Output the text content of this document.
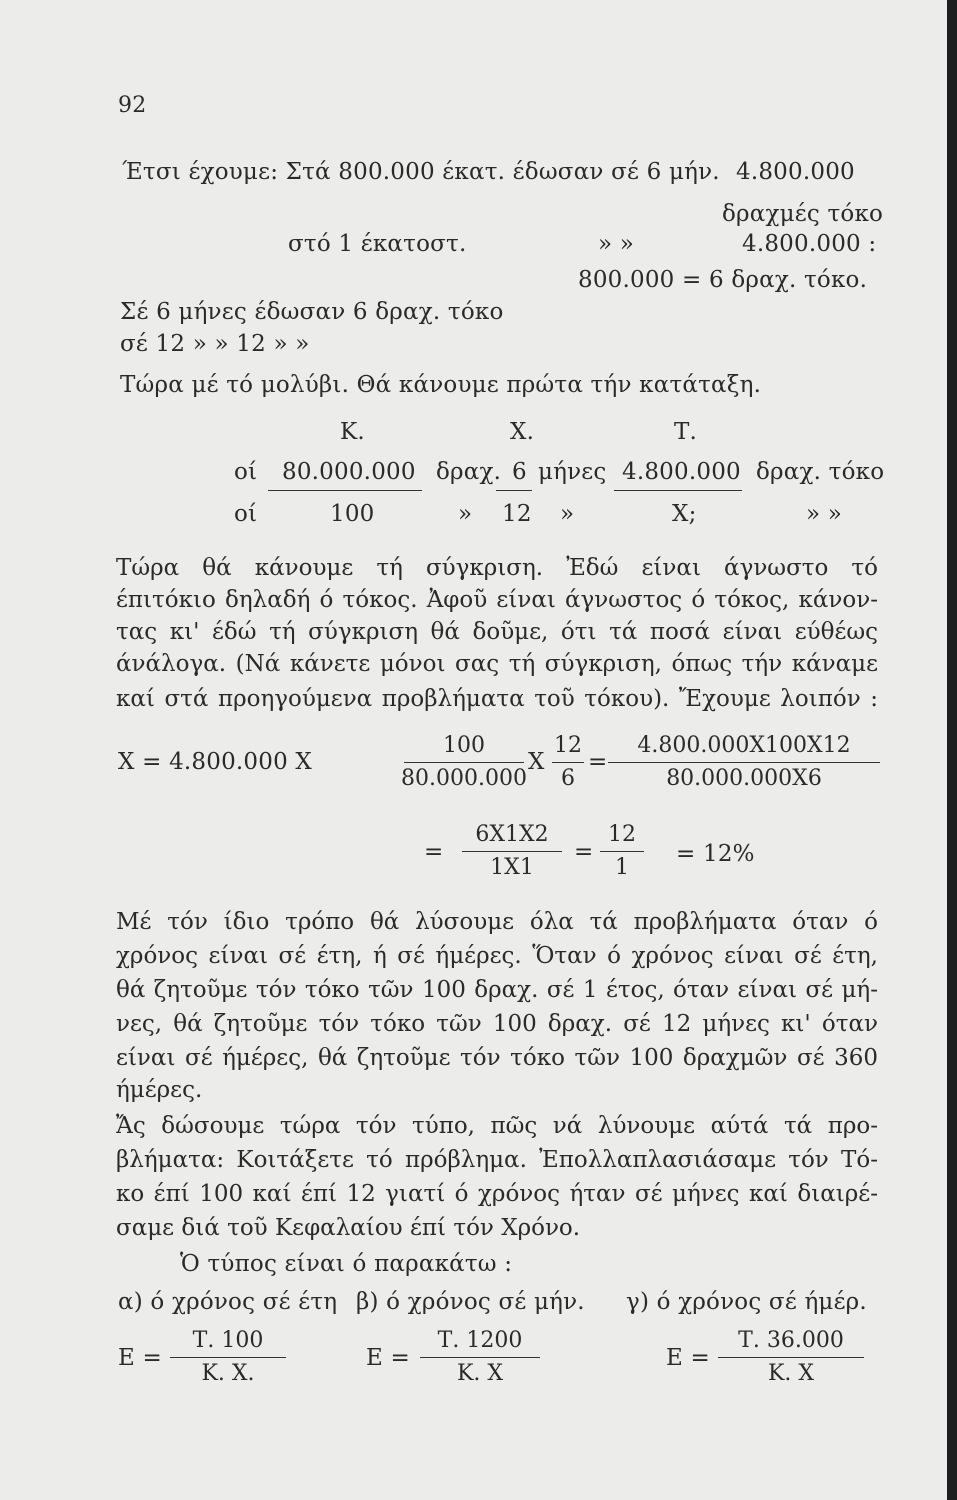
92
Έτσι έχουμε: Στά 800.000 έκατ. έδωσαν σέ 6 μήν. 4.800.000
δραχμές τόκο
στό 1 έκατοστ.	» »	4.800.000 :
800.000 = 6 δραχ. τόκο.
Σέ 6 μήνες έδωσαν 6 δραχ. τόκο
σέ 12 » » 12 » »
Τώρα μέ τό μολύβι. Θά κάνουμε πρώτα τήν κατάταξη.
Κ.	Χ.	Τ.
οί 80.000.000 δραχ. 6 μήνες 4.800.000 δραχ. τόκο
οί	100	» 12 »	Χ;	» »
Τώρα θά κάνουμε τή σύγκριση. Ἐδώ είναι άγνωστο τό
έπιτόκιο δηλαδή ό τόκος. Ἀφοῦ είναι άγνωστος ό τόκος, κάνον-
τας κι' έδώ τή σύγκριση θά δοῦμε, ότι τά ποσά είναι εύθέως
άνάλογα. (Νά κάνετε μόνοι σας τή σύγκριση, όπως τήν κάναμε
καί στά προηγούμενα προβλήματα τοῦ τόκου). Ἔχουμε λοιπόν :
Χ = 4.800.000 Χ
100
80.000.000
Χ
12
6
=
4.800.000Χ100Χ12
80.000.000Χ6
=
6Χ1Χ2
1Χ1
=
12
1
= 12%
Μέ τόν ίδιο τρόπο θά λύσουμε όλα τά προβλήματα όταν ό
χρόνος είναι σέ έτη, ή σέ ήμέρες. Ὅταν ό χρόνος είναι σέ έτη,
θά ζητοῦμε τόν τόκο τῶν 100 δραχ. σέ 1 έτος, όταν είναι σέ μή-
νες, θά ζητοῦμε τόν τόκο τῶν 100 δραχ. σέ 12 μήνες κι' όταν
είναι σέ ήμέρες, θά ζητοῦμε τόν τόκο τῶν 100 δραχμῶν σέ 360
ήμέρες.
Ἄς δώσουμε τώρα τόν τύπο, πῶς νά λύνουμε αύτά τά προ-
βλήματα: Κοιτάξετε τό πρόβλημα. Ἐπολλαπλασιάσαμε τόν Τό-
κο έπί 100 καί έπί 12 γιατί ό χρόνος ήταν σέ μήνες καί διαιρέ-
σαμε διά τοῦ Κεφαλαίου έπί τόν Χρόνο.
Ὁ τύπος είναι ό παρακάτω :
α) ό χρόνος σέ έτη β) ό χρόνος σέ μήν. γ) ό χρόνος σέ ήμέρ.
Ε =
Τ. 100
Κ. Χ.
Ε =
Τ. 1200
Κ. Χ
Ε =
Τ. 36.000
Κ. Χ
